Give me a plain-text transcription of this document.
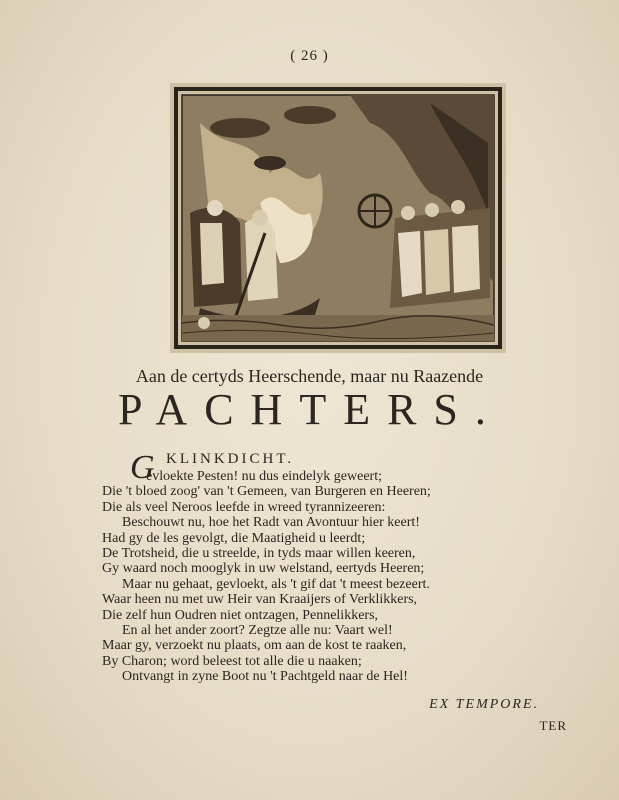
( 26 )
Aan de certyds Heerschende, maar nu Raazende
PACHTERS.
G KLINKDICHT.
evloekte Pesten! nu dus eindelyk geweert;
Die 't bloed zoog' van 't Gemeen, van Burgeren en Heeren;
Die als veel Neroos leefde in wreed tyrannizeeren:
Beschouwt nu, hoe het Radt van Avontuur hier keert!
Had gy de les gevolgt, die Maatigheid u leerdt;
De Trotsheid, die u streelde, in tyds maar willen keeren,
Gy waard noch mooglyk in uw welstand, eertyds Heeren;
Maar nu gehaat, gevloekt, als 't gif dat 't meest bezeert.
Waar heen nu met uw Heir van Kraaijers of Verklikkers,
Die zelf hun Oudren niet ontzagen, Pennelikkers,
En al het ander zoort? Zegtze alle nu: Vaart wel!
Maar gy, verzoekt nu plaats, om aan de kost te raaken,
By Charon; word beleest tot alle die u naaken;
Ontvangt in zyne Boot nu 't Pachtgeld naar de Hel!
EX TEMPORE.
TER
